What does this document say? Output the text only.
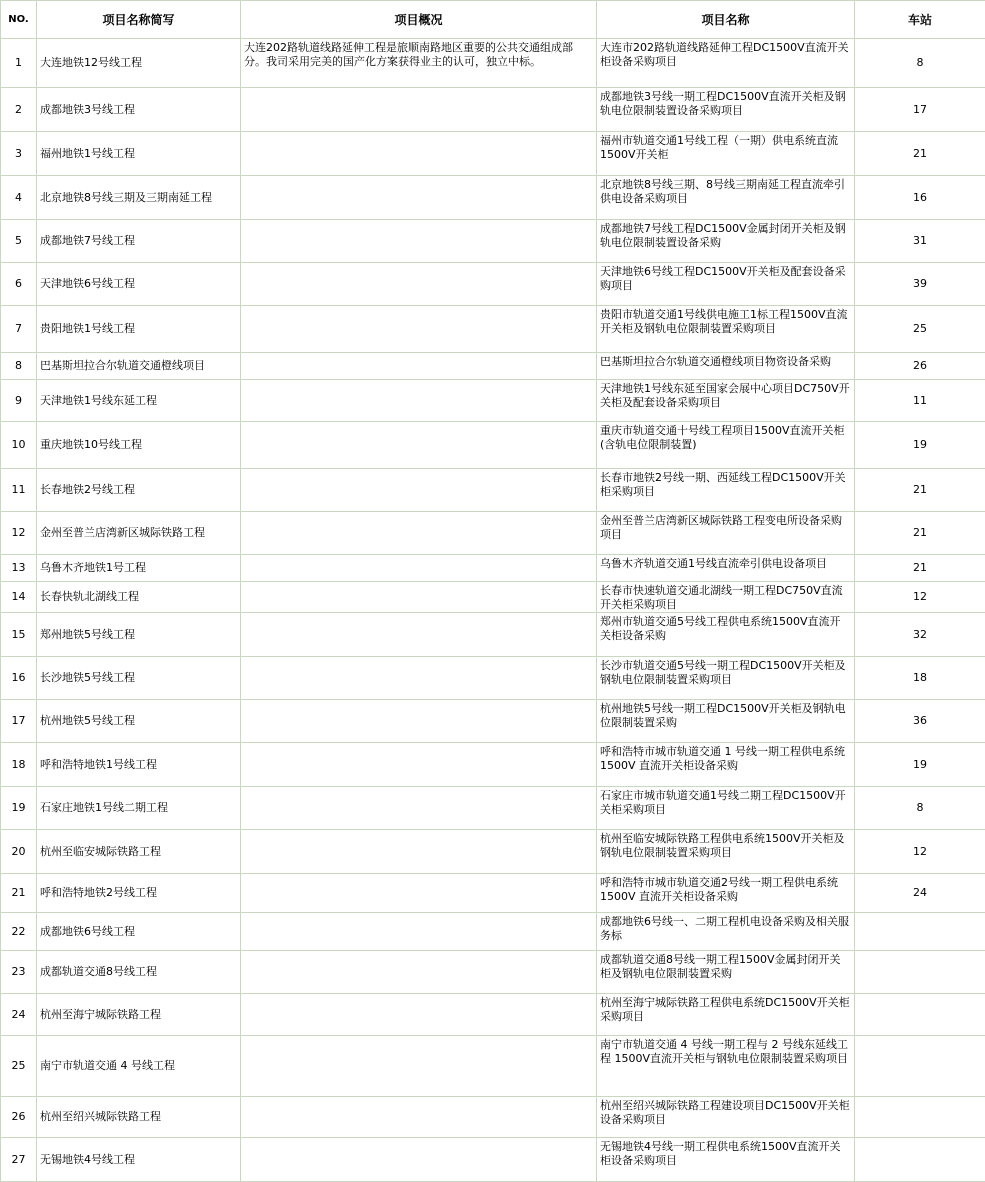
NO.	项目名称简写	项目概况	项目名称	车站
1	大连地铁12号线工程	大连202路轨道线路延伸工程是旅顺南路地区重要的公共交通组成部分。我司采用完美的国产化方案获得业主的认可，独立中标。	大连市202路轨道线路延伸工程DC1500V直流开关柜设备采购项目	8
2	成都地铁3号线工程		成都地铁3号线一期工程DC1500V直流开关柜及钢轨电位限制装置设备采购项目	17
3	福州地铁1号线工程		福州市轨道交通1号线工程（一期）供电系统直流1500V开关柜	21
4	北京地铁8号线三期及三期南延工程		北京地铁8号线三期、8号线三期南延工程直流牵引供电设备采购项目	16
5	成都地铁7号线工程		成都地铁7号线工程DC1500V金属封闭开关柜及钢轨电位限制装置设备采购	31
6	天津地铁6号线工程		天津地铁6号线工程DC1500V开关柜及配套设备采购项目	39
7	贵阳地铁1号线工程		贵阳市轨道交通1号线供电施工1标工程1500V直流开关柜及钢轨电位限制装置采购项目	25
8	巴基斯坦拉合尔轨道交通橙线项目		巴基斯坦拉合尔轨道交通橙线项目物资设备采购	26
9	天津地铁1号线东延工程		天津地铁1号线东延至国家会展中心项目DC750V开关柜及配套设备采购项目	11
10	重庆地铁10号线工程		重庆市轨道交通十号线工程项目1500V直流开关柜(含轨电位限制装置)	19
11	长春地铁2号线工程		长春市地铁2号线一期、西延线工程DC1500V开关柜采购项目	21
12	金州至普兰店湾新区城际铁路工程		金州至普兰店湾新区城际铁路工程变电所设备采购项目	21
13	乌鲁木齐地铁1号工程		乌鲁木齐轨道交通1号线直流牵引供电设备项目	21
14	长春快轨北湖线工程		长春市快速轨道交通北湖线一期工程DC750V直流开关柜采购项目	12
15	郑州地铁5号线工程		郑州市轨道交通5号线工程供电系统1500V直流开关柜设备采购	32
16	长沙地铁5号线工程		长沙市轨道交通5号线一期工程DC1500V开关柜及钢轨电位限制装置采购项目	18
17	杭州地铁5号线工程		杭州地铁5号线一期工程DC1500V开关柜及钢轨电位限制装置采购	36
18	呼和浩特地铁1号线工程		呼和浩特市城市轨道交通 1 号线一期工程供电系统 1500V 直流开关柜设备采购	19
19	石家庄地铁1号线二期工程		石家庄市城市轨道交通1号线二期工程DC1500V开关柜采购项目	8
20	杭州至临安城际铁路工程		杭州至临安城际铁路工程供电系统1500V开关柜及钢轨电位限制装置采购项目	12
21	呼和浩特地铁2号线工程		呼和浩特市城市轨道交通2号线一期工程供电系统 1500V 直流开关柜设备采购	24
22	成都地铁6号线工程		成都地铁6号线一、二期工程机电设备采购及相关服务标	
23	成都轨道交通8号线工程		成都轨道交通8号线一期工程1500V金属封闭开关柜及钢轨电位限制装置采购	
24	杭州至海宁城际铁路工程		杭州至海宁城际铁路工程供电系统DC1500V开关柜采购项目	
25	南宁市轨道交通 4 号线工程		南宁市轨道交通 4 号线一期工程与 2 号线东延线工程 1500V直流开关柜与钢轨电位限制装置采购项目	
26	杭州至绍兴城际铁路工程		杭州至绍兴城际铁路工程建设项目DC1500V开关柜设备采购项目	
27	无锡地铁4号线工程		无锡地铁4号线一期工程供电系统1500V直流开关柜设备采购项目	
